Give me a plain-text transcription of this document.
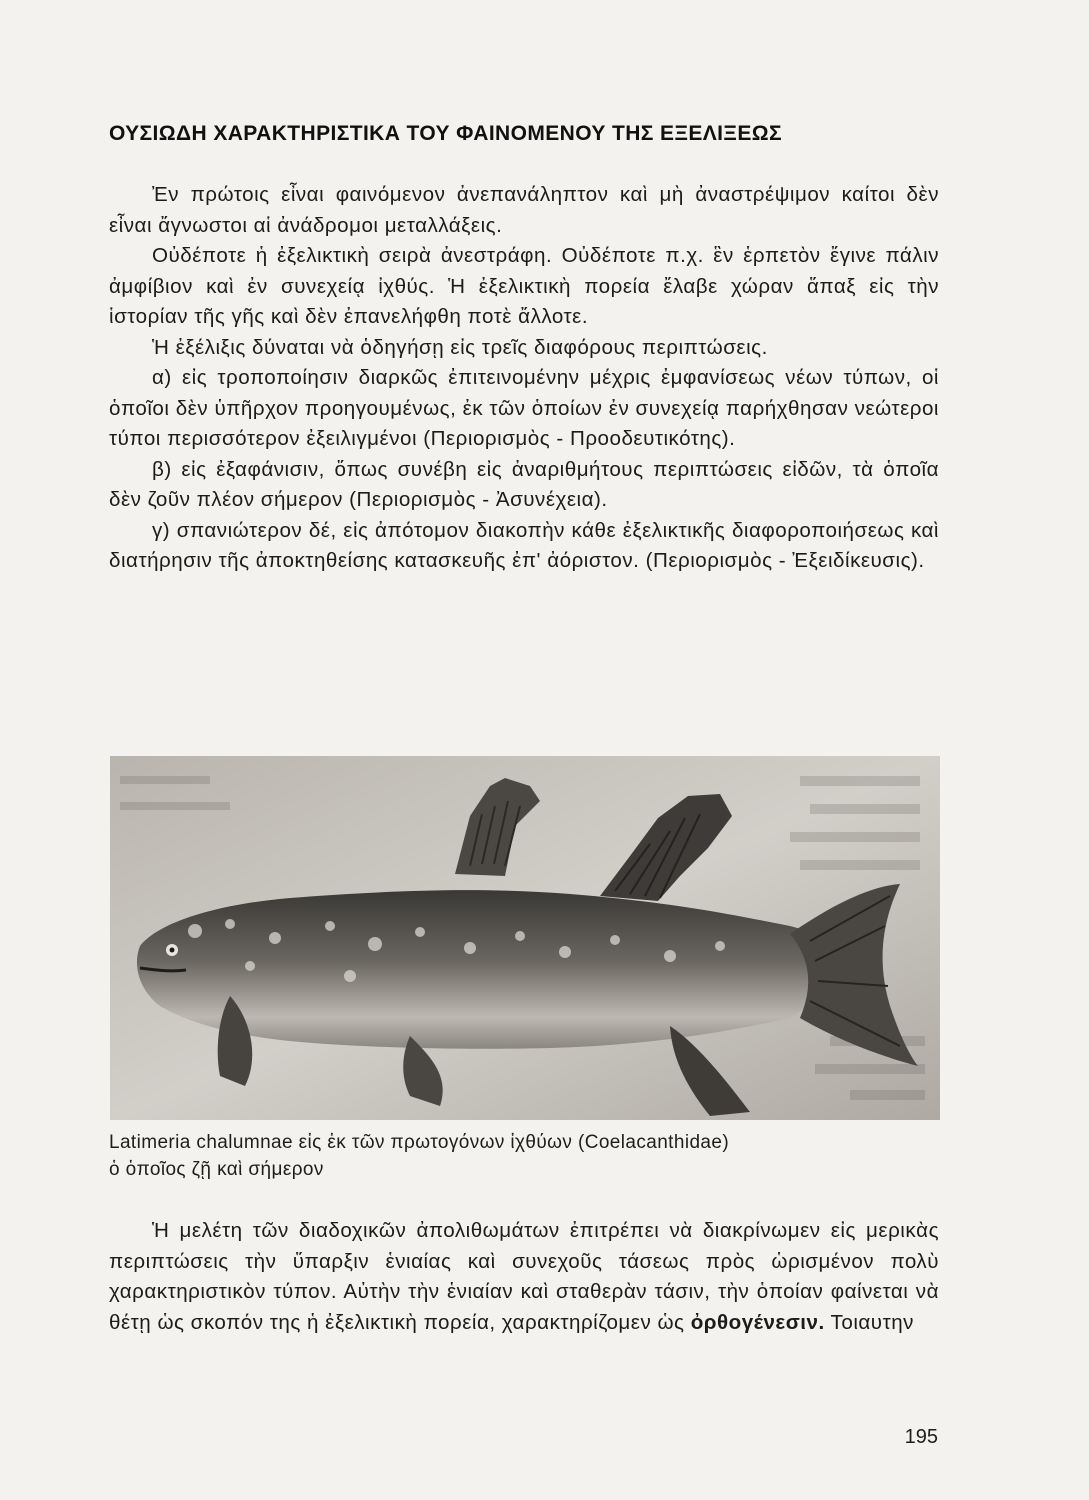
ΟΥΣΙΩΔΗ ΧΑΡΑΚΤΗΡΙΣΤΙΚΑ ΤΟΥ ΦΑΙΝΟΜΕΝΟΥ ΤΗΣ ΕΞΕΛΙΞΕΩΣ

Ἐν πρώτοις εἶναι φαινόμενον ἀνεπανάληπτον καὶ μὴ ἀναστρέψιμον καίτοι δὲν εἶναι ἄγνωστοι αἱ ἀνάδρομοι μεταλλάξεις.

Οὐδέποτε ἡ ἐξελικτικὴ σειρὰ ἀνεστράφη. Οὐδέποτε π.χ. ἓν ἑρπετὸν ἔγινε πάλιν ἀμφίβιον καὶ ἐν συνεχείᾳ ἰχθύς. Ἡ ἐξελικτικὴ πορεία ἔλαβε χώραν ἅπαξ εἰς τὴν ἱστορίαν τῆς γῆς καὶ δὲν ἐπανελήφθη ποτὲ ἄλλοτε.

Ἡ ἐξέλιξις δύναται νὰ ὁδηγήσῃ εἰς τρεῖς διαφόρους περιπτώσεις.

α) εἰς τροποποίησιν διαρκῶς ἐπιτεινομένην μέχρις ἐμφανίσεως νέων τύπων, οἱ ὁποῖοι δὲν ὑπῆρχον προηγουμένως, ἐκ τῶν ὁποίων ἐν συνεχείᾳ παρήχθησαν νεώτεροι τύποι περισσότερον ἐξειλιγμένοι (Περιορισμὸς - Προοδευτικότης).

β) εἰς ἐξαφάνισιν, ὅπως συνέβη εἰς ἀναριθμήτους περιπτώσεις εἰδῶν, τὰ ὁποῖα δὲν ζοῦν πλέον σήμερον (Περιορισμὸς - Ἀσυνέχεια).

γ) σπανιώτερον δέ, εἰς ἀπότομον διακοπὴν κάθε ἐξελικτικῆς διαφοροποιήσεως καὶ διατήρησιν τῆς ἀποκτηθείσης κατασκευῆς ἐπ' ἀόριστον. (Περιορισμὸς - Ἐξειδίκευσις).

Latimeria chalumnae εἰς ἐκ τῶν πρωτογόνων ἰχθύων (Coelacanthidae)
ὁ ὁποῖος ζῇ καὶ σήμερον

Ἡ μελέτη τῶν διαδοχικῶν ἀπολιθωμάτων ἐπιτρέπει νὰ διακρίνωμεν εἰς μερικὰς περιπτώσεις τὴν ὕπαρξιν ἑνιαίας καὶ συνεχοῦς τάσεως πρὸς ὡρισμένον πολὺ χαρακτηριστικὸν τύπον. Αὐτὴν τὴν ἑνιαίαν καὶ σταθερὰν τάσιν, τὴν ὁποίαν φαίνεται νὰ θέτῃ ὡς σκοπόν της ἡ ἐξελικτικὴ πορεία, χαρακτηρίζομεν ὡς ὀρθογένεσιν. Τοιαυτην

195
